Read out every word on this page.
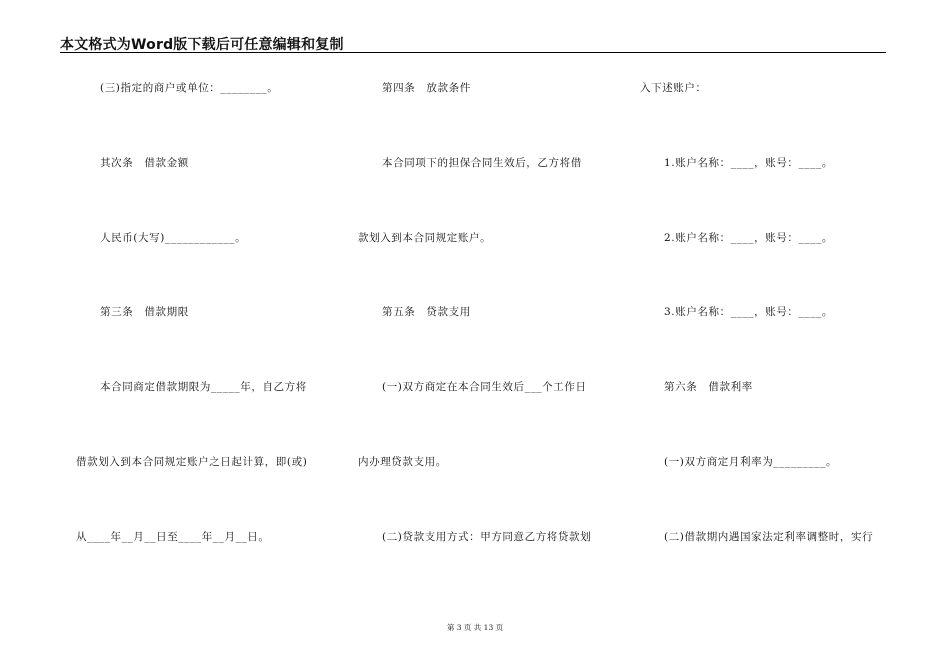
本文格式为Word版下载后可任意编辑和复制
(三)指定的商户或单位：________。
其次条　借款金额
人民币(大写)____________。
第三条　借款期限
本合同商定借款期限为_____年，自乙方将
借款划入到本合同规定账户之日起计算，即(或)
从____年__月__日至____年__月__日。
第四条　放款条件
本合同项下的担保合同生效后，乙方将借
款划入到本合同规定账户。
第五条　贷款支用
(一)双方商定在本合同生效后___个工作日
内办理贷款支用。
(二)贷款支用方式：甲方同意乙方将贷款划
入下述账户：
1.账户名称：____，账号：____。
2.账户名称：____，账号：____。
3.账户名称：____，账号：____。
第六条　借款利率
(一)双方商定月利率为_________。
(二)借款期内遇国家法定利率调整时，实行
第 3 页 共 13 页
